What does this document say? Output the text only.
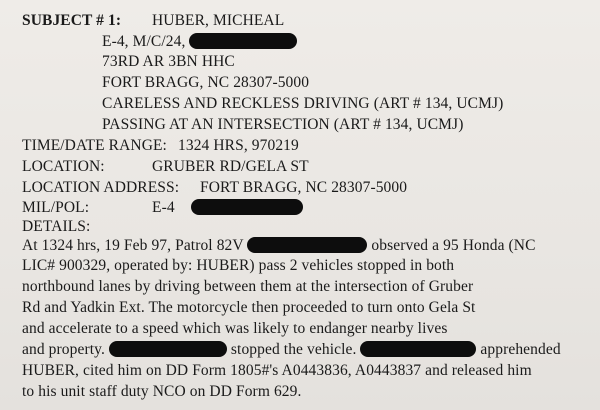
SUBJECT # 1: HUBER, MICHEAL
E-4, M/C/24,
73RD AR 3BN HHC
FORT BRAGG, NC 28307-5000
CARELESS AND RECKLESS DRIVING (ART # 134, UCMJ)
PASSING AT AN INTERSECTION (ART # 134, UCMJ)
TIME/DATE RANGE: 1324 HRS, 970219
LOCATION:	GRUBER RD/GELA ST
LOCATION ADDRESS: FORT BRAGG, NC 28307-5000
MIL/POL:	E-4
DETAILS:
At 1324 hrs, 19 Feb 97, Patrol 82V	observed a 95 Honda (NC
LIC# 900329, operated by: HUBER) pass 2 vehicles stopped in both
northbound lanes by driving between them at the intersection of Gruber
Rd and Yadkin Ext. The motorcycle then proceeded to turn onto Gela St
and accelerate to a speed which was likely to endanger nearby lives
and property.	stopped the vehicle.	apprehended
HUBER, cited him on DD Form 1805#'s A0443836, A0443837 and released him
to his unit staff duty NCO on DD Form 629.
